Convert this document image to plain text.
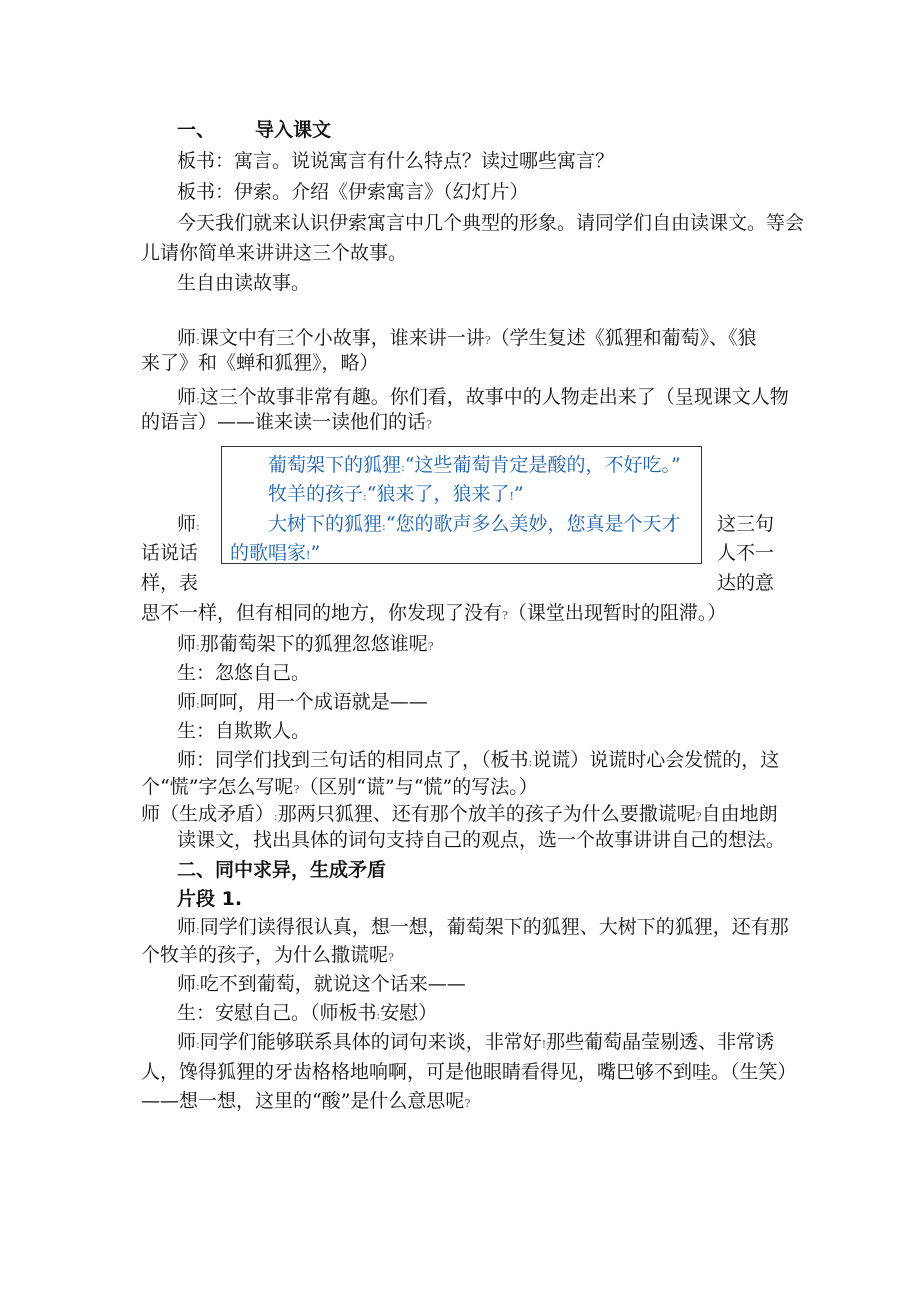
一、 导入课文
板书：寓言。说说寓言有什么特点？读过哪些寓言？
板书：伊索。介绍《伊索寓言》（幻灯片）
今天我们就来认识伊索寓言中几个典型的形象。请同学们自由读课文。等会
儿请你简单来讲讲这三个故事。
生自由读故事。
师:课文中有三个小故事，谁来讲一讲?（学生复述《狐狸和葡萄》、《狼
来了》和《蝉和狐狸》，略）
师:这三个故事非常有趣。你们看，故事中的人物走出来了（呈现课文人物
的语言）——谁来读一读他们的话?
葡萄架下的狐狸:“这些葡萄肯定是酸的，不好吃。”
牧羊的孩子:“狼来了，狼来了!”
大树下的狐狸:“您的歌声多么美妙，您真是个天才
的歌唱家!”
师:
话说话
样，表
这三句
人不一
达的意
思不一样，但有相同的地方，你发现了没有?（课堂出现暂时的阻滞。）
师:那葡萄架下的狐狸忽悠谁呢?
生：忽悠自己。
师:呵呵，用一个成语就是——
生：自欺欺人。
师：同学们找到三句话的相同点了，（板书:说谎）说谎时心会发慌的，这
个“慌”字怎么写呢?（区别“谎”与“慌”的写法。）
师（生成矛盾）:那两只狐狸、还有那个放羊的孩子为什么要撒谎呢?自由地朗
读课文，找出具体的词句支持自己的观点，选一个故事讲讲自己的想法。
二、同中求异，生成矛盾
片段 1.
师:同学们读得很认真，想一想，葡萄架下的狐狸、大树下的狐狸，还有那
个牧羊的孩子，为什么撒谎呢?
师:吃不到葡萄，就说这个话来——
生：安慰自己。（师板书:安慰）
师:同学们能够联系具体的词句来谈，非常好!那些葡萄晶莹剔透、非常诱
人，馋得狐狸的牙齿格格地响啊，可是他眼睛看得见，嘴巴够不到哇。（生笑）
——想一想，这里的“酸”是什么意思呢?
